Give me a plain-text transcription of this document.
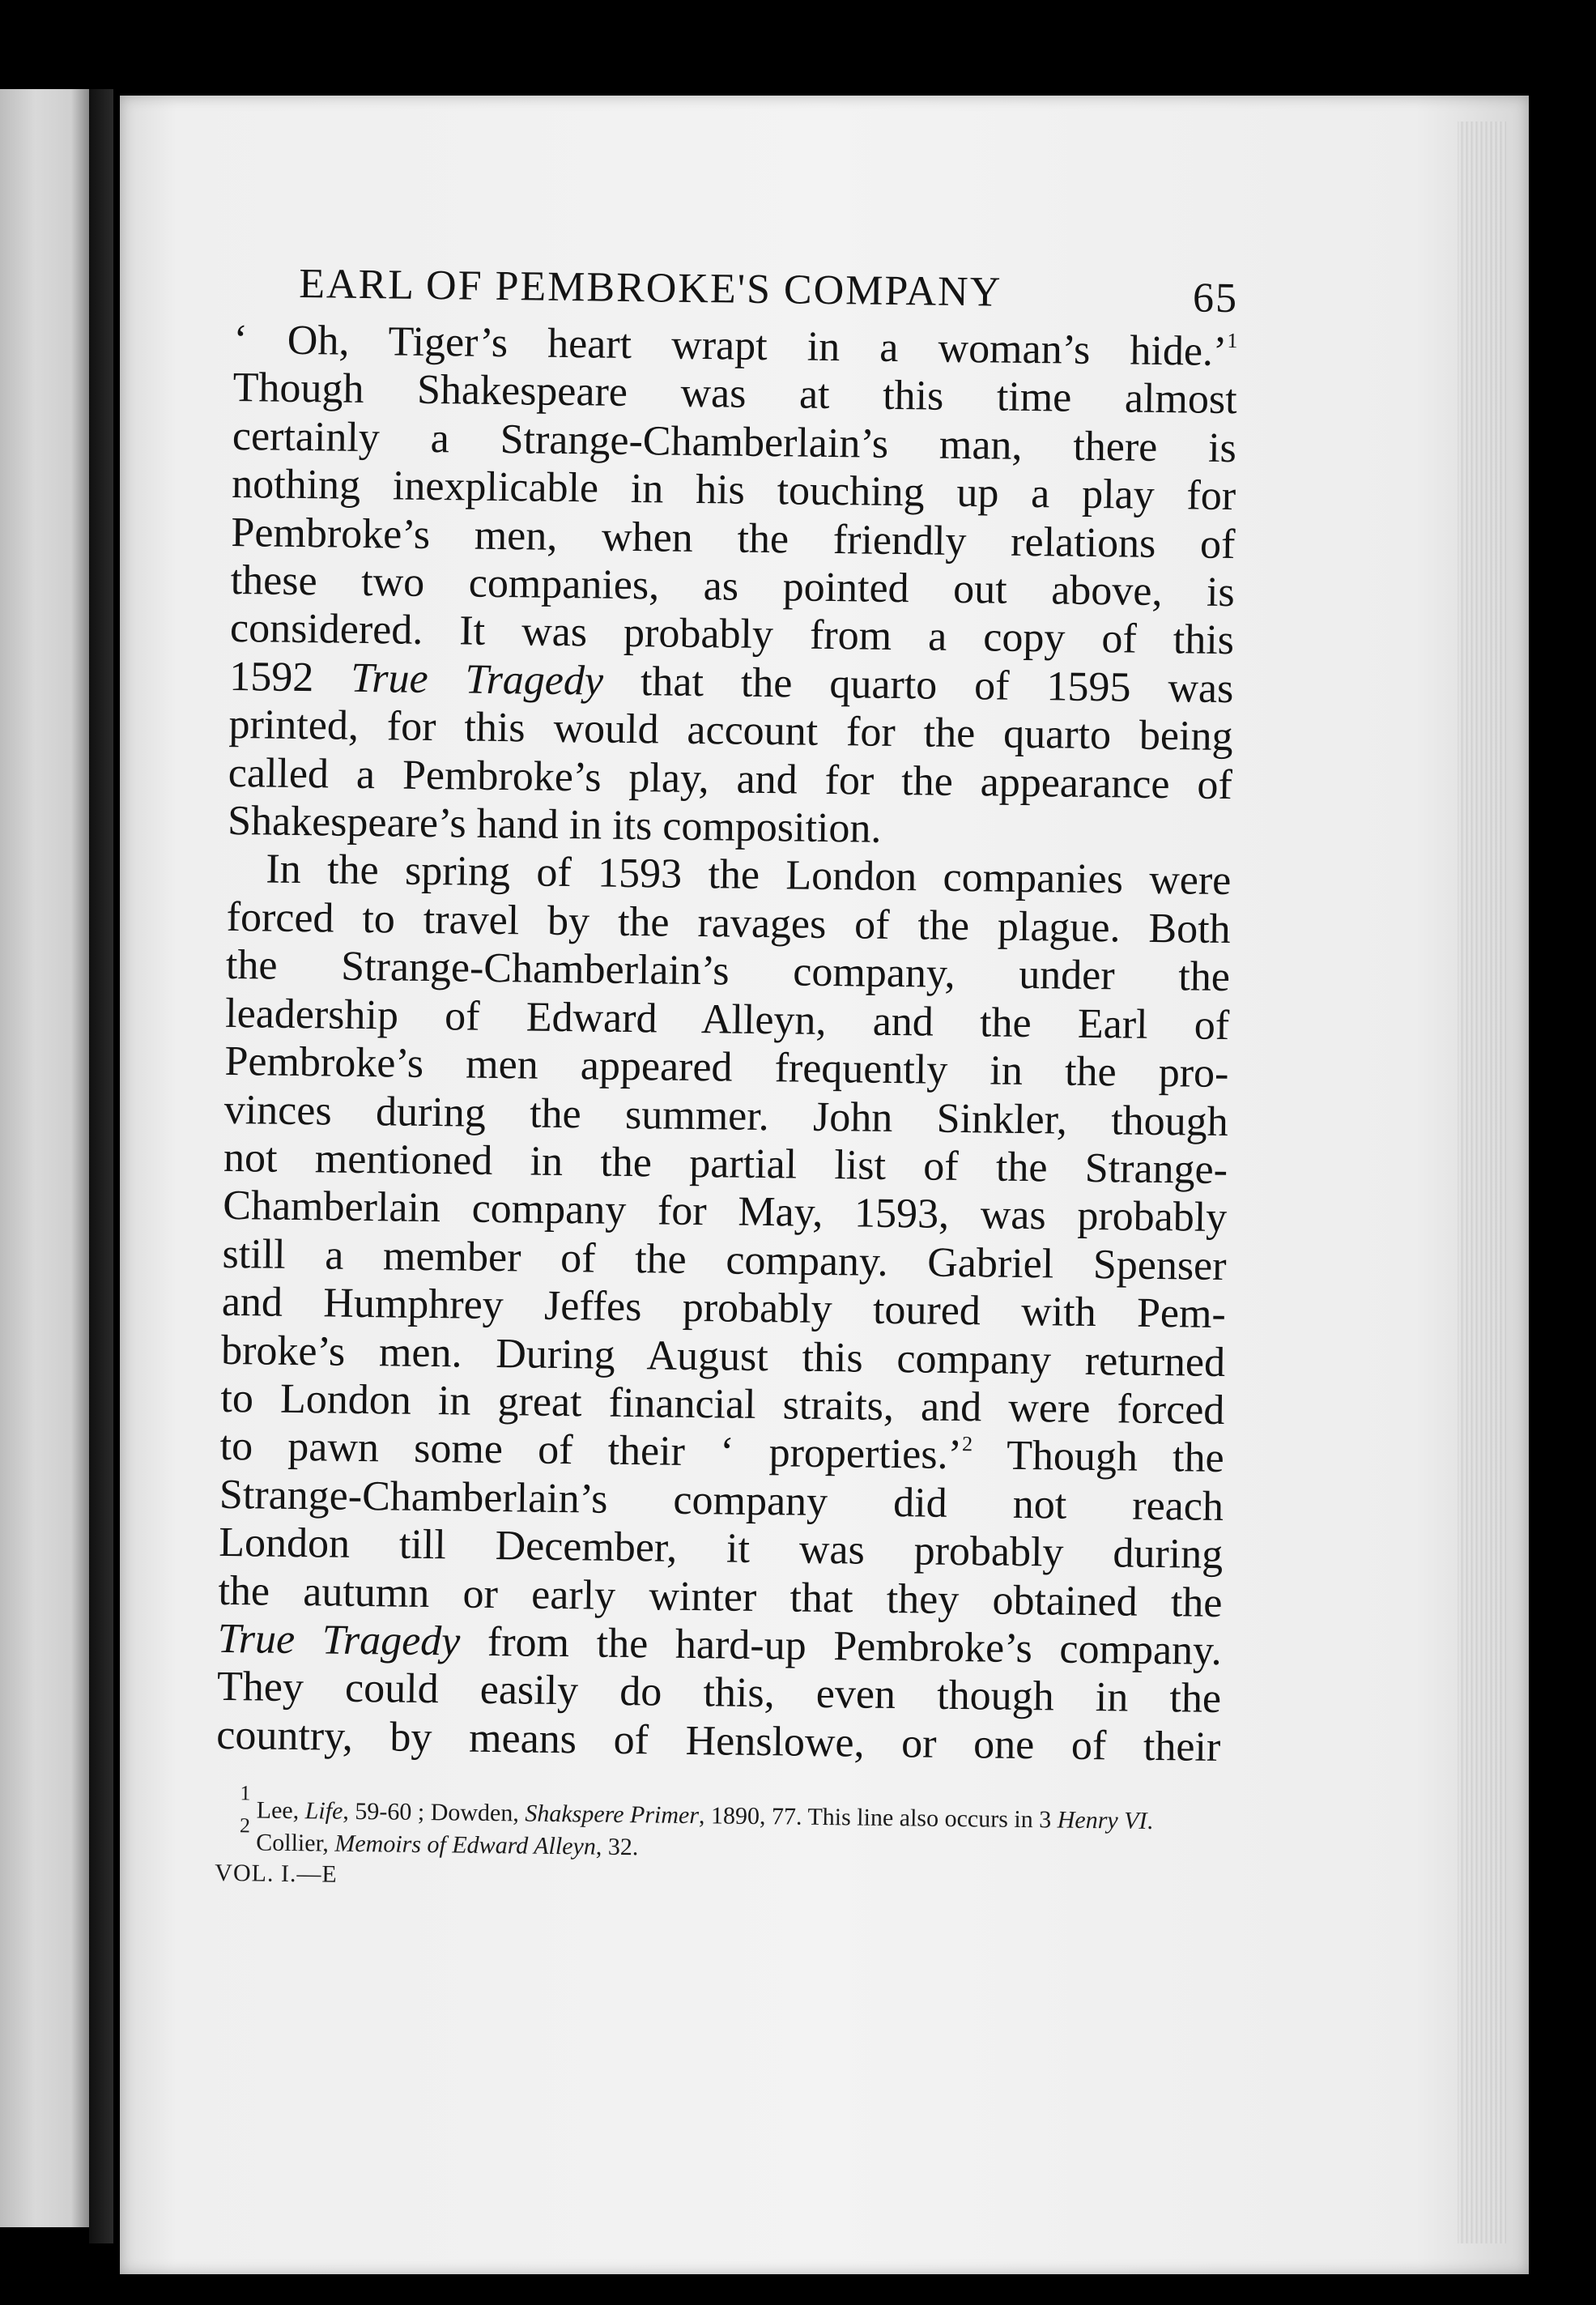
EARL OF PEMBROKE'S COMPANY	65

‘ Oh, Tiger’s heart wrapt in a woman’s hide.’$^1$

Though Shakespeare was at this time almost

certainly a Strange-Chamberlain’s man, there is

nothing inexplicable in his touching up a play for

Pembroke’s men, when the friendly relations of

these two companies, as pointed out above, is

considered. It was probably from a copy of this

1592 True Tragedy that the quarto of 1595 was

printed, for this would account for the quarto being

called a Pembroke’s play, and for the appearance of

Shakespeare’s hand in its composition.

In the spring of 1593 the London companies were

forced to travel by the ravages of the plague. Both

the Strange-Chamberlain’s company, under the

leadership of Edward Alleyn, and the Earl of

Pembroke’s men appeared frequently in the pro-

vinces during the summer. John Sinkler, though

not mentioned in the partial list of the Strange-

Chamberlain company for May, 1593, was probably

still a member of the company. Gabriel Spenser

and Humphrey Jeffes probably toured with Pem-

broke’s men. During August this company returned

to London in great financial straits, and were forced

to pawn some of their ‘ properties.’$^2$ Though the

Strange-Chamberlain’s company did not reach

London till December, it was probably during

the autumn or early winter that they obtained the

True Tragedy from the hard-up Pembroke’s company.

They could easily do this, even though in the

country, by means of Henslowe, or one of their

$^1$ Lee, Life, 59-60 ; Dowden, Shakspere Primer, 1890, 77. This line also occurs in 3 Henry VI.
$^2$ Collier, Memoirs of Edward Alleyn, 32.
VOL. I.—E
